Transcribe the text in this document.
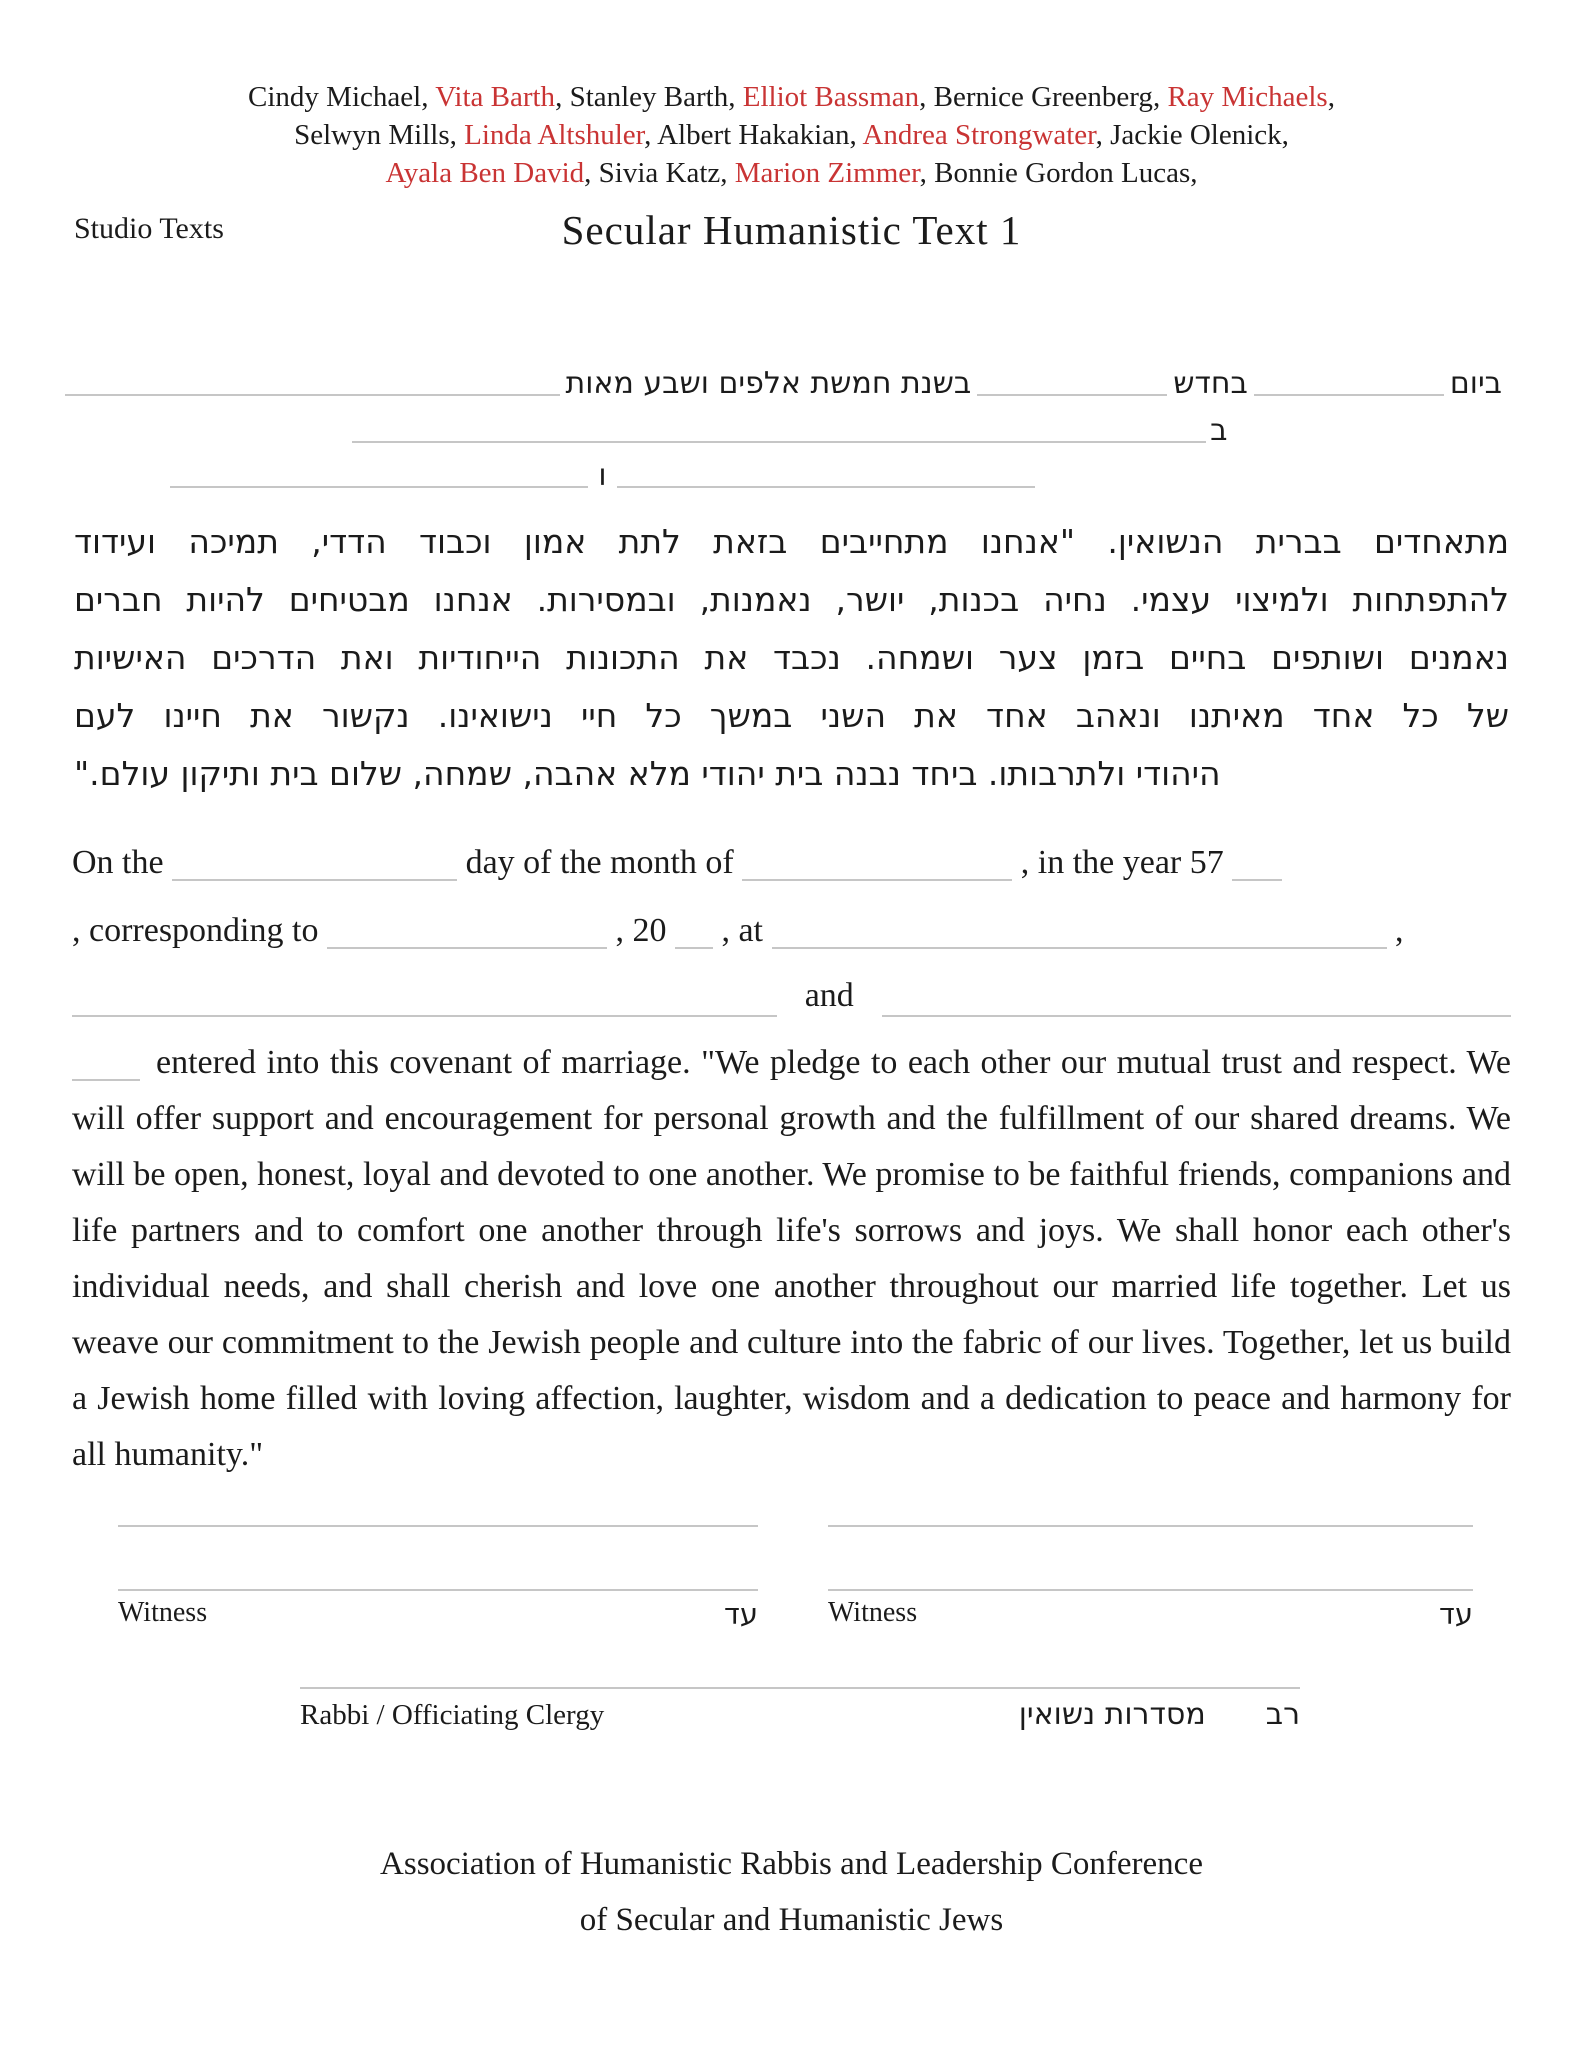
Cindy Michael, Vita Barth, Stanley Barth, Elliot Bassman, Bernice Greenberg, Ray Michaels,
Selwyn Mills, Linda Altshuler, Albert Hakakian, Andrea Strongwater, Jackie Olenick,
Ayala Ben David, Sivia Katz, Marion Zimmer, Bonnie Gordon Lucas,
Studio Texts	Secular Humanistic Text 1
ביום
בחדש
בשנת חמשת אלפים ושבע מאות
ב
ו
מתאחדים בברית הנשואין. "אנחנו מתחייבים בזאת לתת אמון וכבוד הדדי, תמיכה ועידוד
להתפתחות ולמיצוי עצמי. נחיה בכנות, יושר, נאמנות, ובמסירות. אנחנו מבטיחים להיות חברים
נאמנים ושותפים בחיים בזמן צער ושמחה. נכבד את התכונות הייחודיות ואת הדרכים האישיות
של כל אחד מאיתנו ונאהב אחד את השני במשך כל חיי נישואינו. נקשור את חיינו לעם
היהודי ולתרבותו. ביחד נבנה בית יהודי מלא אהבה, שמחה, שלום בית ותיקון עולם."
On the	day of the month of	, in the year 57
, corresponding to	, 20 , at	,
and

entered into this covenant of marriage. "We pledge to each other our mutual trust and respect. We will offer support and encouragement for personal growth and the fulfillment of our shared dreams. We will be open, honest, loyal and devoted to one another. We promise to be faithful friends, companions and life partners and to comfort one another through life's sorrows and joys. We shall honor each other's individual needs, and shall cherish and love one another throughout our married life together. Let us weave our commitment to the Jewish people and culture into the fabric of our lives. Together, let us build a Jewish home filled with loving affection, laughter, wisdom and a dedication to peace and harmony for all humanity."

Witness	עד	Witness	עד
Rabbi / Officiating Clergy	רב
מסדרות נשואין
Association of Humanistic Rabbis and Leadership Conference
of Secular and Humanistic Jews
